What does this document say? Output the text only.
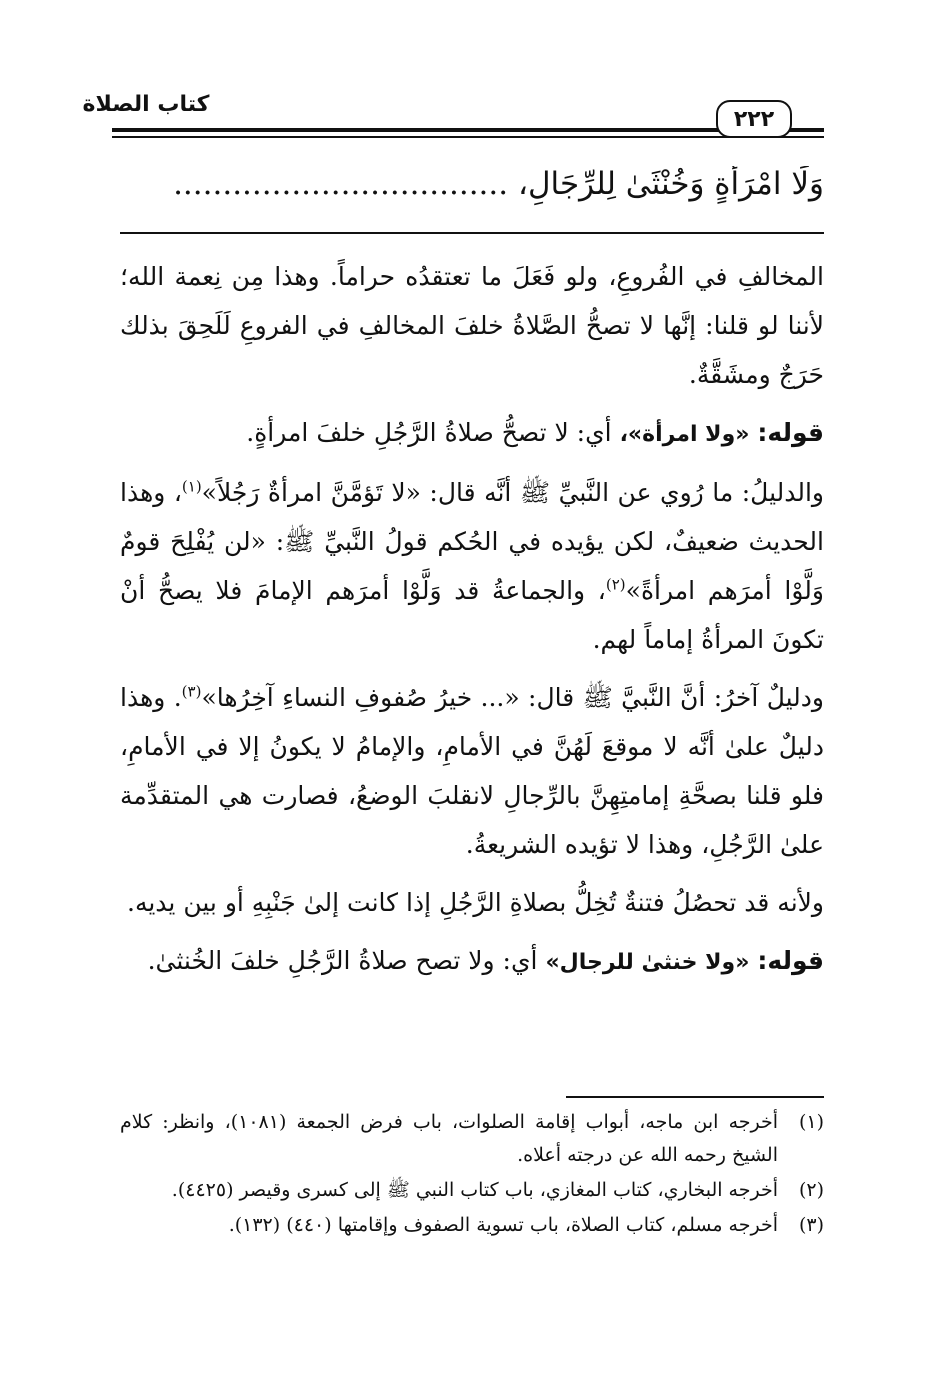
كتاب الصلاة
٢٢٢
وَلَا امْرَأَةٍ وَخُنْثَىٰ لِلرِّجَالِ، ..................................

المخالفِ في الفُروعِ، ولو فَعَلَ ما تعتقدُه حراماً. وهذا مِن نِعمة الله؛ لأننا لو قلنا: إنَّها لا تصحُّ الصَّلاةُ خلفَ المخالفِ في الفروعِ لَلَحِقَ بذلك حَرَجٌ ومشَقَّةٌ.

قوله: «ولا امرأة»، أي: لا تصحُّ صلاةُ الرَّجُلِ خلفَ امرأةٍ.

والدليلُ: ما رُوي عن النَّبيِّ ﷺ أنَّه قال: «لا تَؤمَّنَّ امرأةٌ رَجُلاً»$^{(١)}$، وهذا الحديث ضعيفٌ، لكن يؤيده في الحُكم قولُ النَّبيِّ ﷺ: «لن يُفْلِحَ قومٌ وَلَّوْا أمرَهم امرأةً»$^{(٢)}$، والجماعةُ قد وَلَّوْا أمرَهم الإمامَ فلا يصحُّ أنْ تكونَ المرأةُ إماماً لهم.

ودليلٌ آخرُ: أنَّ النَّبيَّ ﷺ قال: «... خيرُ صُفوفِ النساءِ آخِرُها»$^{(٣)}$. وهذا دليلٌ علىٰ أنَّه لا موقعَ لَهُنَّ في الأمامِ، والإمامُ لا يكونُ إلا في الأمامِ، فلو قلنا بصحَّةِ إمامتِهِنَّ بالرِّجالِ لانقلبَ الوضعُ، فصارت هي المتقدِّمة علىٰ الرَّجُلِ، وهذا لا تؤيده الشريعةُ.

ولأنه قد تحصُلُ فتنةٌ تُخِلُّ بصلاةِ الرَّجُلِ إذا كانت إلىٰ جَنْبِهِ أو بين يديه.

قوله: «ولا خنثىٰ للرجال» أي: ولا تصح صلاةُ الرَّجُلِ خلفَ الخُنثىٰ.

(١)
أخرجه ابن ماجه، أبواب إقامة الصلوات، باب فرض الجمعة (١٠٨١)، وانظر: كلام الشيخ رحمه الله عن درجته أعلاه.
(٢)
أخرجه البخاري، كتاب المغازي، باب كتاب النبي ﷺ إلى كسرى وقيصر (٤٤٢٥).
(٣)
أخرجه مسلم، كتاب الصلاة، باب تسوية الصفوف وإقامتها (٤٤٠) (١٣٢).
